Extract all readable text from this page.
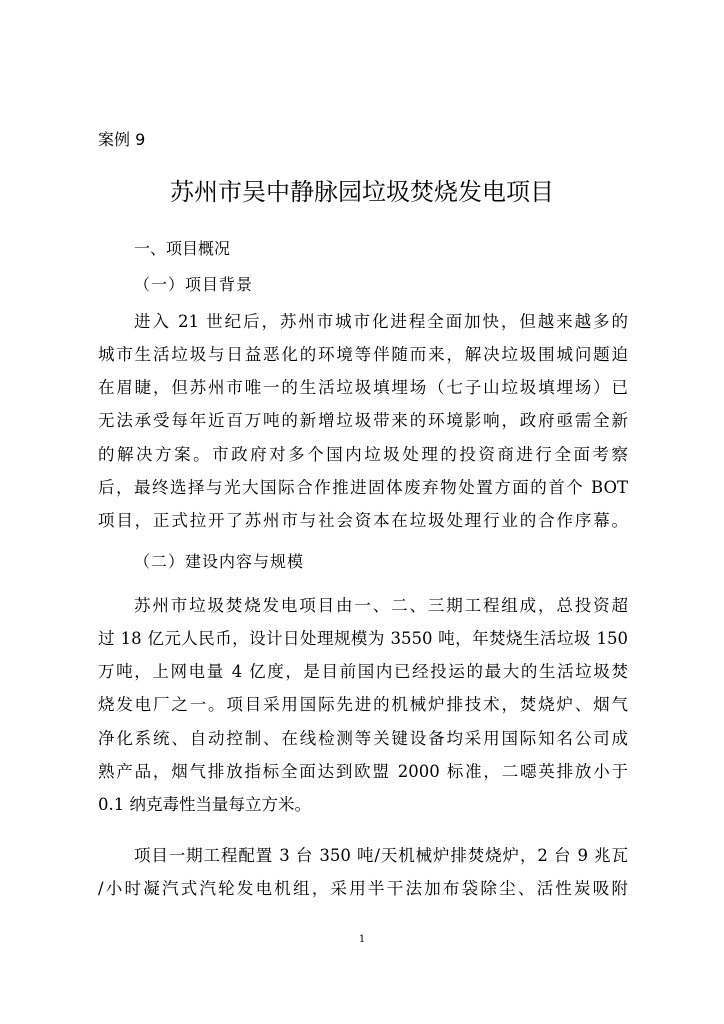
案例 9
苏州市吴中静脉园垃圾焚烧发电项目
一、项目概况
（一）项目背景
进入 21 世纪后，苏州市城市化进程全面加快，但越来越多的
城市生活垃圾与日益恶化的环境等伴随而来，解决垃圾围城问题迫
在眉睫，但苏州市唯一的生活垃圾填埋场（七子山垃圾填埋场）已
无法承受每年近百万吨的新增垃圾带来的环境影响，政府亟需全新
的解决方案。市政府对多个国内垃圾处理的投资商进行全面考察
后，最终选择与光大国际合作推进固体废弃物处置方面的首个 BOT
项目，正式拉开了苏州市与社会资本在垃圾处理行业的合作序幕。
（二）建设内容与规模
苏州市垃圾焚烧发电项目由一、二、三期工程组成，总投资超
过 18 亿元人民币，设计日处理规模为 3550 吨，年焚烧生活垃圾 150
万吨，上网电量 4 亿度，是目前国内已经投运的最大的生活垃圾焚
烧发电厂之一。项目采用国际先进的机械炉排技术，焚烧炉、烟气
净化系统、自动控制、在线检测等关键设备均采用国际知名公司成
熟产品，烟气排放指标全面达到欧盟 2000 标准，二噁英排放小于
0.1 纳克毒性当量每立方米。
项目一期工程配置 3 台 350 吨/天机械炉排焚烧炉，2 台 9 兆瓦
/小时凝汽式汽轮发电机组，采用半干法加布袋除尘、活性炭吸附
1
